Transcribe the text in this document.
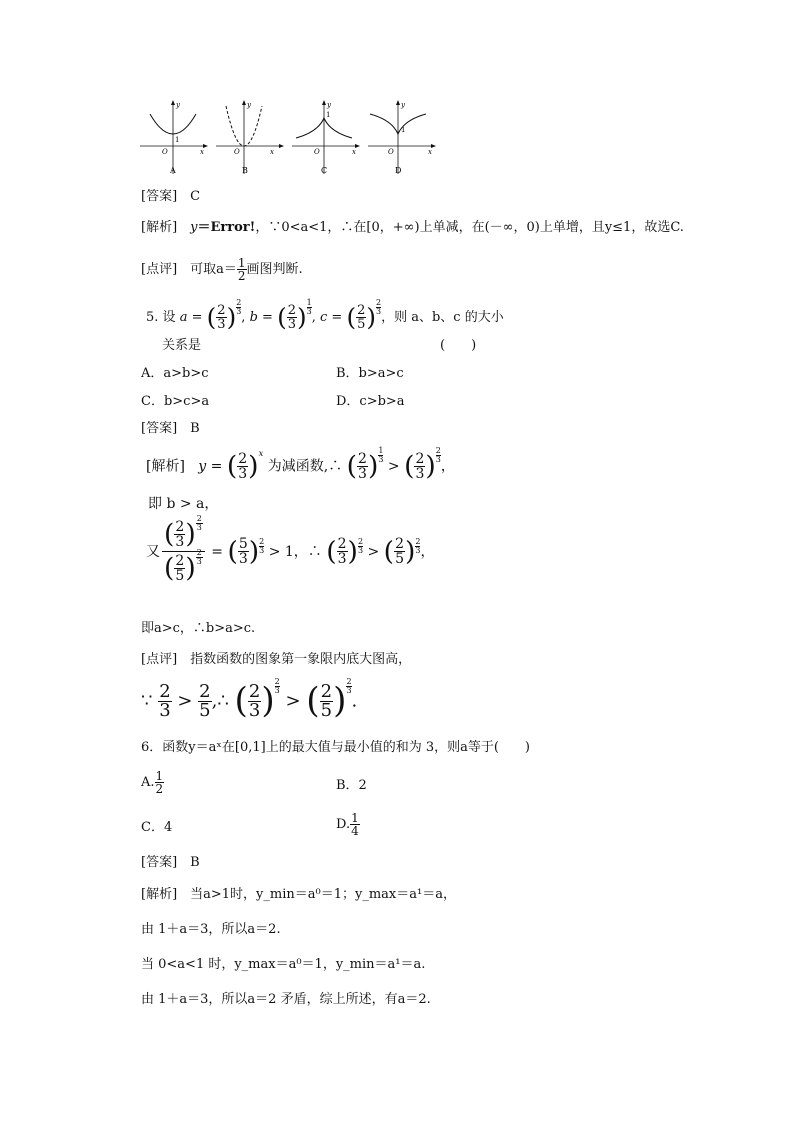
y
x
O
1
A
y
x
O
B
y
x
O
1
C
y
x
O
1
D
[答案]　C
[解析]　y＝Error!，∵0<a<1，∴在[0，+∞)上单减，在(－∞，0)上单增，且y≤1，故选C.
[点评]　可取$a= \frac{1}{2}$ 画图判断.
5. 设 a = ( $\frac{2}{3}$ ) $\frac{2}{3}$
, b = ( $\frac{2}{3}$ ) $\frac{1}{3}$
, c = ( $\frac{2}{5}$ ) $\frac{2}{3}$
，则 a、b、c 的大小
关系是	(　　)
A．a>b>c	B．b>a>c
C．b>c>a	D．c>b>a
[答案]　B
[解析] y = ( $\frac{2}{3} )^x$ 为减函数,∴ ( $\frac{2}{3}$ ) $\frac{1}{3}$
> ( $\frac{2}{3}$ ) $\frac{2}{3}$
，
即 b > a，
又 $\frac{( \frac{2}{3} ) \frac{2}{3}}{( \frac{2}{5} ) \frac{2}{3}}$ = ( $\frac{5}{3}$ ) 2
3
> 1，∴
( $\frac{2}{3}$ ) 2
3 > ( $\frac{2}{5}$ ) 2
3 ，
即a>c，∴b>a>c.
[点评]　指数函数的图象第一象限内底大图高，
∵ $\frac{2}{3} > \frac{2}{5}$ ,∴ ( $\frac{2}{3}$ ) $\frac{2}{3}$
> ( $\frac{2}{5}$ ) $\frac{2}{3}$
.
6．函数y＝aˣ在[0,1]上的最大值与最小值的和为 3，则a等于(　　)
A. $\frac{1}{2}$	B．2
C．4	D. $\frac{1}{4}$
[答案]　B
[解析]　当a>1时，y_min＝a⁰＝1；y_max＝a¹＝a，
由 1＋a＝3，所以a＝2.
当 0<a<1 时，y_max＝a⁰＝1，y_min＝a¹＝a.
由 1＋a＝3，所以a＝2 矛盾，综上所述，有a＝2.
